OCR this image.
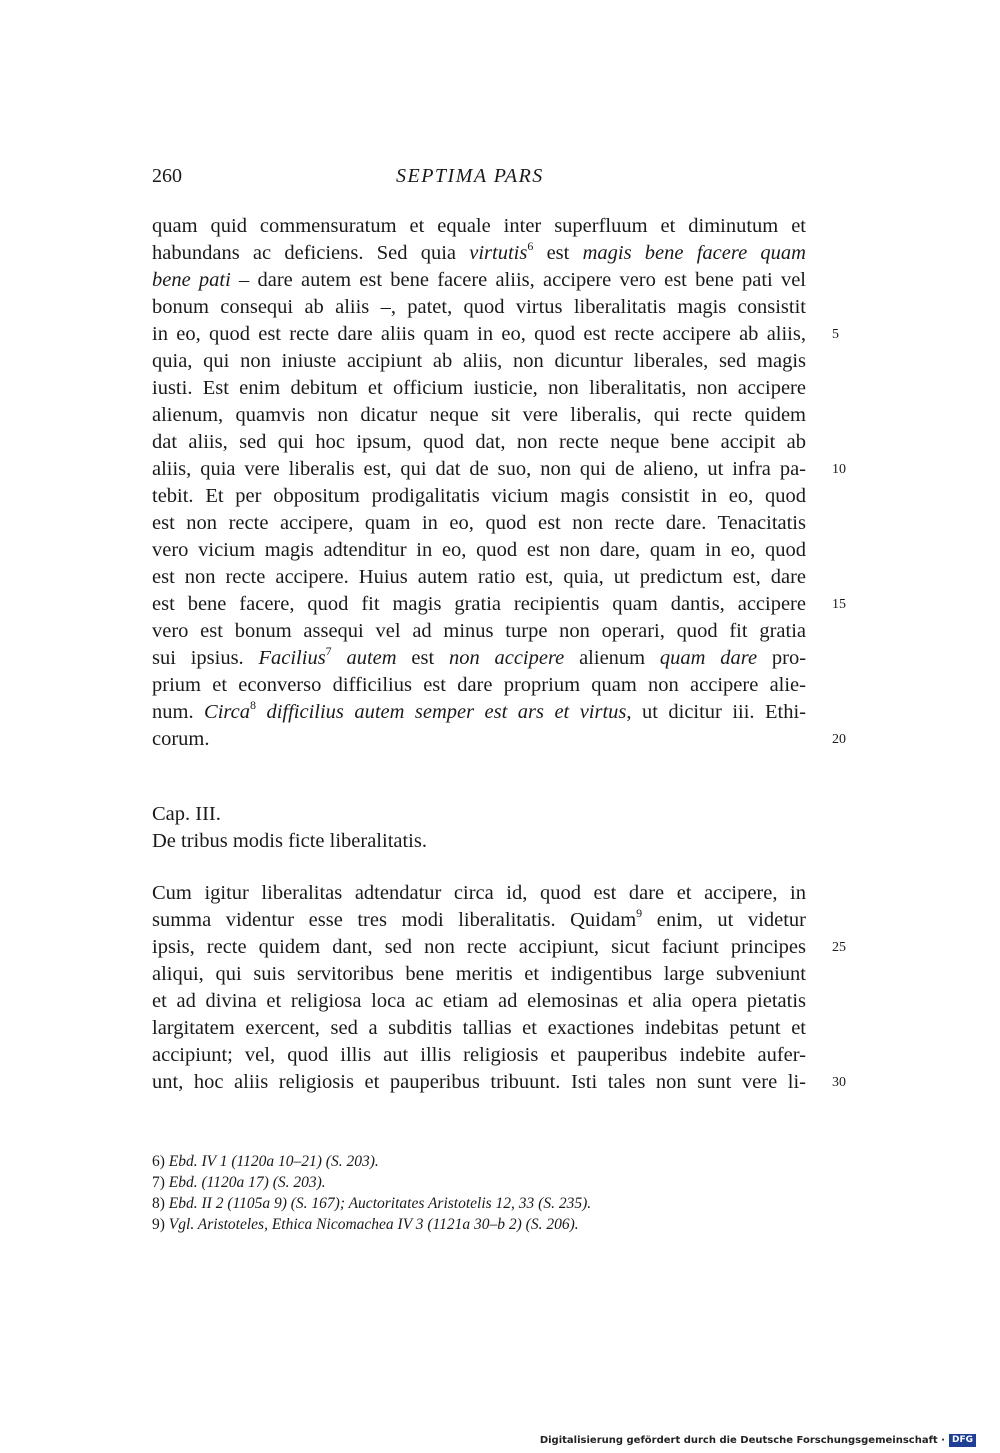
260	SEPTIMA PARS
quam quid commensuratum et equale inter superfluum et diminutum et
habundans ac deficiens. Sed quia virtutis$^6$ est magis bene facere quam
bene pati – dare autem est bene facere aliis, accipere vero est bene pati vel
bonum consequi ab aliis –, patet, quod virtus liberalitatis magis consistit
in eo, quod est recte dare aliis quam in eo, quod est recte accipere ab aliis,
quia, qui non iniuste accipiunt ab aliis, non dicuntur liberales, sed magis
iusti. Est enim debitum et officium iusticie, non liberalitatis, non accipere
alienum, quamvis non dicatur neque sit vere liberalis, qui recte quidem
dat aliis, sed qui hoc ipsum, quod dat, non recte neque bene accipit ab
aliis, quia vere liberalis est, qui dat de suo, non qui de alieno, ut infra pa-
tebit. Et per obpositum prodigalitatis vicium magis consistit in eo, quod
est non recte accipere, quam in eo, quod est non recte dare. Tenacitatis
vero vicium magis adtenditur in eo, quod est non dare, quam in eo, quod
est non recte accipere. Huius autem ratio est, quia, ut predictum est, dare
est bene facere, quod fit magis gratia recipientis quam dantis, accipere
vero est bonum assequi vel ad minus turpe non operari, quod fit gratia
sui ipsius. Facilius$^7$ autem est non accipere alienum quam dare pro-
prium et econverso difficilius est dare proprium quam non accipere alie-
num. Circa$^8$ difficilius autem semper est ars et virtus, ut dicitur iii. Ethi-
corum.
Cap. III.
De tribus modis ficte liberalitatis.
Cum igitur liberalitas adtendatur circa id, quod est dare et accipere, in
summa videntur esse tres modi liberalitatis. Quidam$^9$ enim, ut videtur
ipsis, recte quidem dant, sed non recte accipiunt, sicut faciunt principes
aliqui, qui suis servitoribus bene meritis et indigentibus large subveniunt
et ad divina et religiosa loca ac etiam ad elemosinas et alia opera pietatis
largitatem exercent, sed a subditis tallias et exactiones indebitas petunt et
accipiunt; vel, quod illis aut illis religiosis et pauperibus indebite aufer-
unt, hoc aliis religiosis et pauperibus tribuunt. Isti tales non sunt vere li-
5
10
15
20
25
30
6) Ebd. IV 1 (1120a 10–21) (S. 203).
7) Ebd. (1120a 17) (S. 203).
8) Ebd. II 2 (1105a 9) (S. 167); Auctoritates Aristotelis 12, 33 (S. 235).
9) Vgl. Aristoteles, Ethica Nicomachea IV 3 (1121a 30–b 2) (S. 206).
Digitalisierung gefördert durch die Deutsche Forschungsgemeinschaft · DFG
